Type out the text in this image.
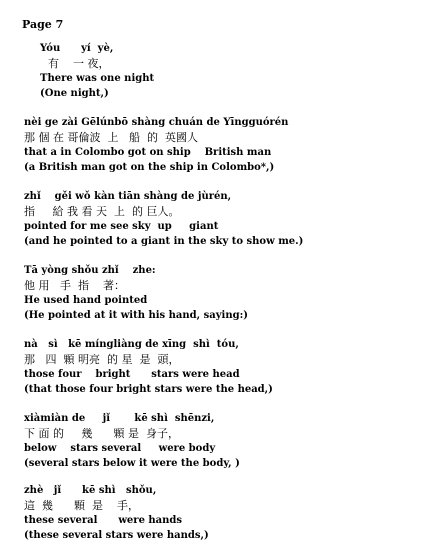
Page 7
Yóu      yí  yè,
有    一 夜，
There was one night
(One night,)
nèi ge zài Gēlúnbō shàng chuán de Yīngguórén
那 個 在 哥倫波  上   船  的  英國人
that a in Colombo got on ship    British man
(a British man got on the ship in Colombo*,)
zhǐ    gěi wǒ kàn tiān shàng de jùrén,
指     給 我 看 天  上  的 巨人。
pointed for me see sky  up     giant
(and he pointed to a giant in the sky to show me.)
Tā yòng shǒu zhǐ    zhe:
他 用   手  指    著：
He used hand pointed
(He pointed at it with his hand, saying:)
nà   sì   kē míngliàng de xīng  shì  tóu,
那   四  顆 明亮  的 星  是  頭，
those four    bright      stars were head
(that those four bright stars were the head,)
xiàmiàn de     jǐ       kē shì  shēnzi,
下 面 的     幾      顆 是  身子，
below    stars several     were body
(several stars below it were the body, )
zhè   jǐ      kē shì   shǒu,
這  幾      顆  是    手，
these several      were hands
(these several stars were hands,)
